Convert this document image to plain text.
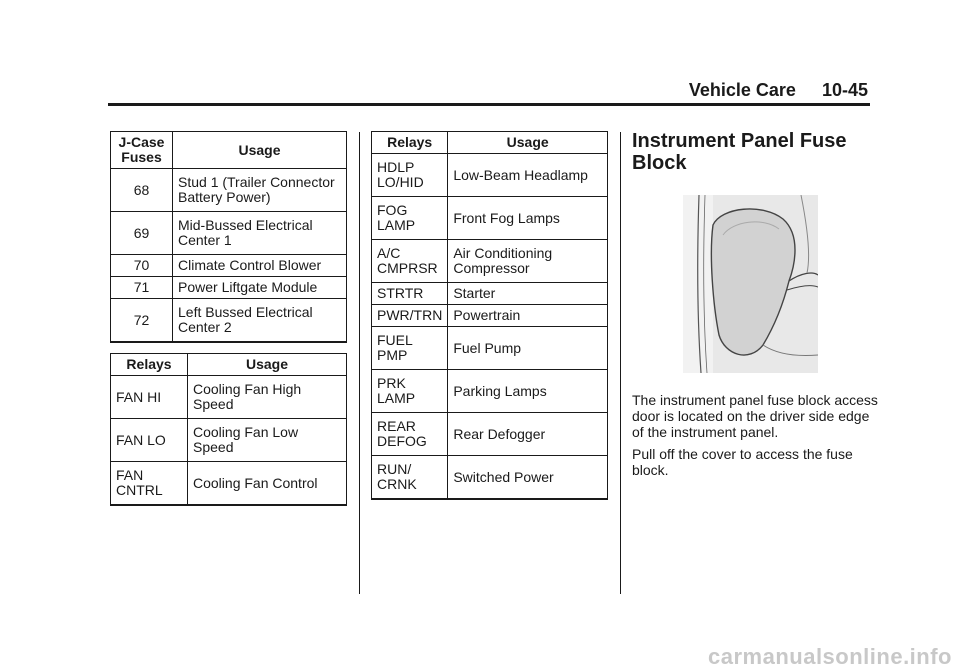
Vehicle Care 10-45
J-Case Fuses	Usage
68	Stud 1 (Trailer Connector Battery Power)
69	Mid-Bussed Electrical Center 1
70	Climate Control Blower
71	Power Liftgate Module
72	Left Bussed Electrical Center 2
Relays	Usage
FAN HI	Cooling Fan High Speed
FAN LO	Cooling Fan Low Speed
FAN CNTRL	Cooling Fan Control
Relays	Usage
HDLP LO/HID	Low-Beam Headlamp
FOG LAMP	Front Fog Lamps
A/C CMPRSR	Air Conditioning Compressor
STRTR	Starter
PWR/TRN	Powertrain
FUEL PMP	Fuel Pump
PRK LAMP	Parking Lamps
REAR DEFOG	Rear Defogger
RUN/ CRNK	Switched Power
Instrument Panel Fuse Block

The instrument panel fuse block access door is located on the driver side edge of the instrument panel.

Pull off the cover to access the fuse block.

carmanualsonline.info
